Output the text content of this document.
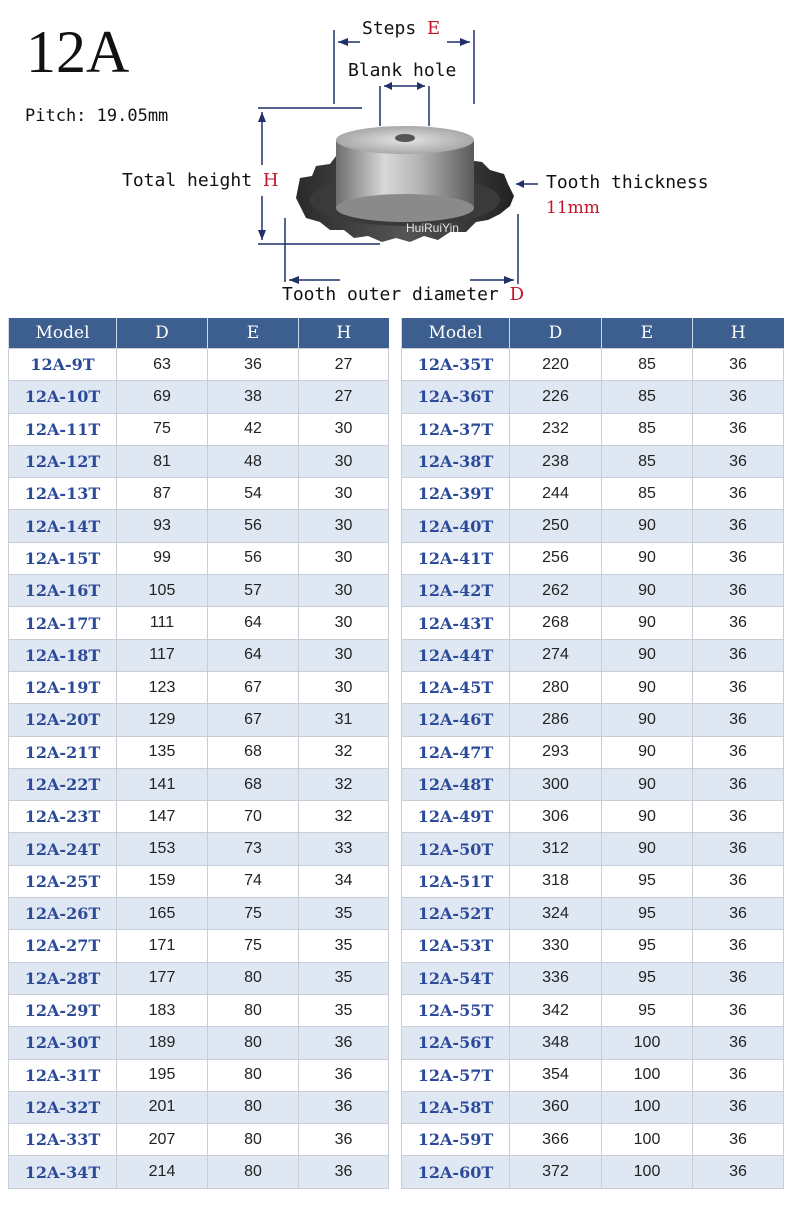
12A
Pitch: 19.05mm
HuiRuiYin
Steps E
Blank hole
Total height H	Tooth thickness
11mm
Tooth outer diameter D
Model	D	E	H
12A-9T	63	36	27
12A-10T	69	38	27
12A-11T	75	42	30
12A-12T	81	48	30
12A-13T	87	54	30
12A-14T	93	56	30
12A-15T	99	56	30
12A-16T	105	57	30
12A-17T	111	64	30
12A-18T	117	64	30
12A-19T	123	67	30
12A-20T	129	67	31
12A-21T	135	68	32
12A-22T	141	68	32
12A-23T	147	70	32
12A-24T	153	73	33
12A-25T	159	74	34
12A-26T	165	75	35
12A-27T	171	75	35
12A-28T	177	80	35
12A-29T	183	80	35
12A-30T	189	80	36
12A-31T	195	80	36
12A-32T	201	80	36
12A-33T	207	80	36
12A-34T	214	80	36
Model	D	E	H
12A-35T	220	85	36
12A-36T	226	85	36
12A-37T	232	85	36
12A-38T	238	85	36
12A-39T	244	85	36
12A-40T	250	90	36
12A-41T	256	90	36
12A-42T	262	90	36
12A-43T	268	90	36
12A-44T	274	90	36
12A-45T	280	90	36
12A-46T	286	90	36
12A-47T	293	90	36
12A-48T	300	90	36
12A-49T	306	90	36
12A-50T	312	90	36
12A-51T	318	95	36
12A-52T	324	95	36
12A-53T	330	95	36
12A-54T	336	95	36
12A-55T	342	95	36
12A-56T	348	100	36
12A-57T	354	100	36
12A-58T	360	100	36
12A-59T	366	100	36
12A-60T	372	100	36
